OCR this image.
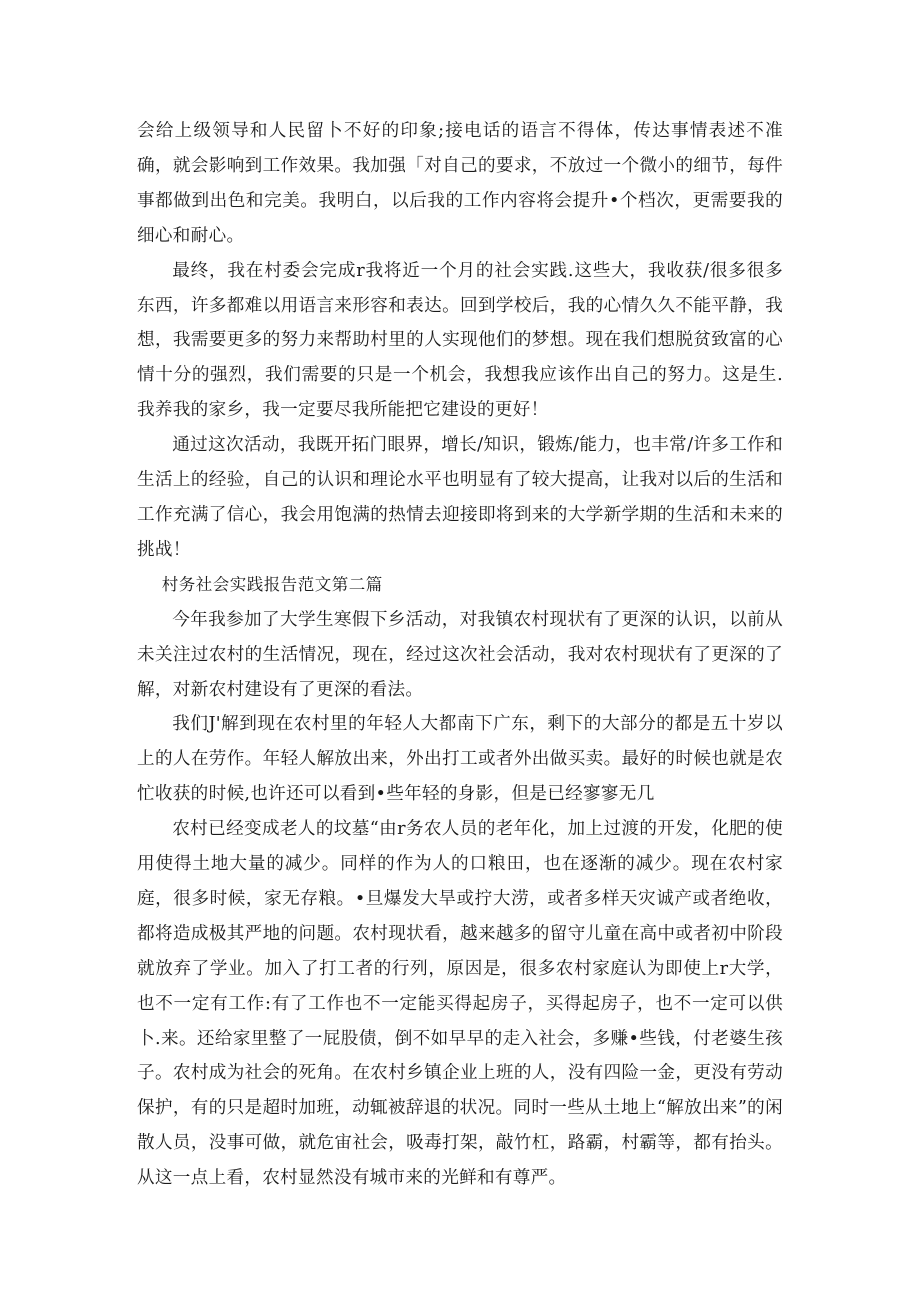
会给上级领导和人民留卜不好的印象;接电话的语言不得体，传达事情表述不准确，就会影响到工作效果。我加强「对自己的要求，不放过一个微小的细节，每件事都做到出色和完美。我明白，以后我的工作内容将会提升•个档次，更需要我的细心和耐心。

最终，我在村委会完成r我将近一个月的社会实践.这些大，我收获/很多很多东西，许多都难以用语言来形容和表达。回到学校后，我的心情久久不能平静，我想，我需要更多的努力来帮助村里的人实现他们的梦想。现在我们想脱贫致富的心情十分的强烈，我们需要的只是一个机会，我想我应该作出自己的努力。这是生.我养我的家乡，我一定要尽我所能把它建设的更好！

通过这次活动，我既开拓门眼界，增长/知识，锻炼/能力，也丰常/许多工作和生活上的经验，自己的认识和理论水平也明显有了较大提高，让我对以后的生活和工作充满了信心，我会用饱满的热情去迎接即将到来的大学新学期的生活和未来的挑战！

村务社会实践报告范文第二篇

今年我参加了大学生寒假下乡活动，对我镇农村现状有了更深的认识，以前从未关注过农村的生活情况，现在，经过这次社会活动，我对农村现状有了更深的了解，对新农村建设有了更深的看法。

我们J'解到现在农村里的年轻人大都南下广东，剩下的大部分的都是五十岁以上的人在劳作。年轻人解放出来，外出打工或者外出做买卖。最好的时候也就是农忙收获的时候,也许还可以看到•些年轻的身影，但是已经寥寥无几

农村已经变成老人的坟墓“由r务农人员的老年化，加上过渡的开发，化肥的使用使得土地大量的减少。同样的作为人的口粮田，也在逐渐的减少。现在农村家庭，很多时候，家无存粮。•旦爆发大旱或拧大涝，或者多样天灾诚产或者绝收，都将造成极其严地的问题。农村现状看，越来越多的留守儿童在高中或者初中阶段就放弃了学业。加入了打工者的行列，原因是，很多农村家庭认为即使上r大学，也不一定有工作:有了工作也不一定能买得起房子，买得起房子，也不一定可以供卜.来。还给家里整了一屁股债，倒不如早早的走入社会，多赚•些钱，付老婆生孩子。农村成为社会的死角。在农村乡镇企业上班的人，没有四险一金，更没有劳动保护，有的只是超时加班，动辄被辞退的状况。同时一些从土地上“解放出来”的闲散人员，没事可做，就危宙社会，吸毒打架，敲竹杠，路霸，村霸等，都有抬头。从这一点上看，农村显然没有城市来的光鲜和有尊严。
